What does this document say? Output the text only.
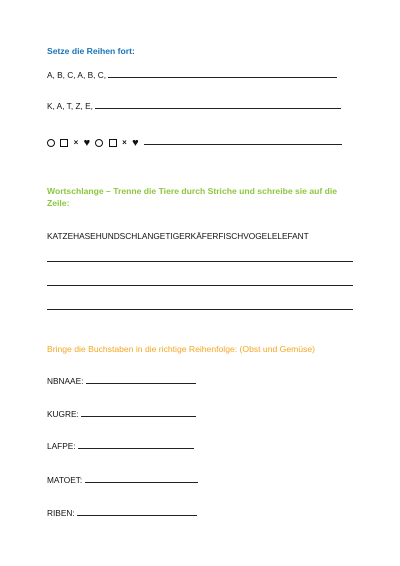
Setze die Reihen fort:
A, B, C, A, B, C,
K, A, T, Z, E,
× ♥	× ♥
Wortschlange – Trenne die Tiere durch Striche und schreibe sie auf die Zeile:
KATZEHASEHUNDSCHLANGETIGERKÄFERFISCHVOGELELEFANT
Bringe die Buchstaben in die richtige Reihenfolge: (Obst und Gemüse)
NBNAAE:
KUGRE:
LAFPE:
MATOET:
RIBEN:
